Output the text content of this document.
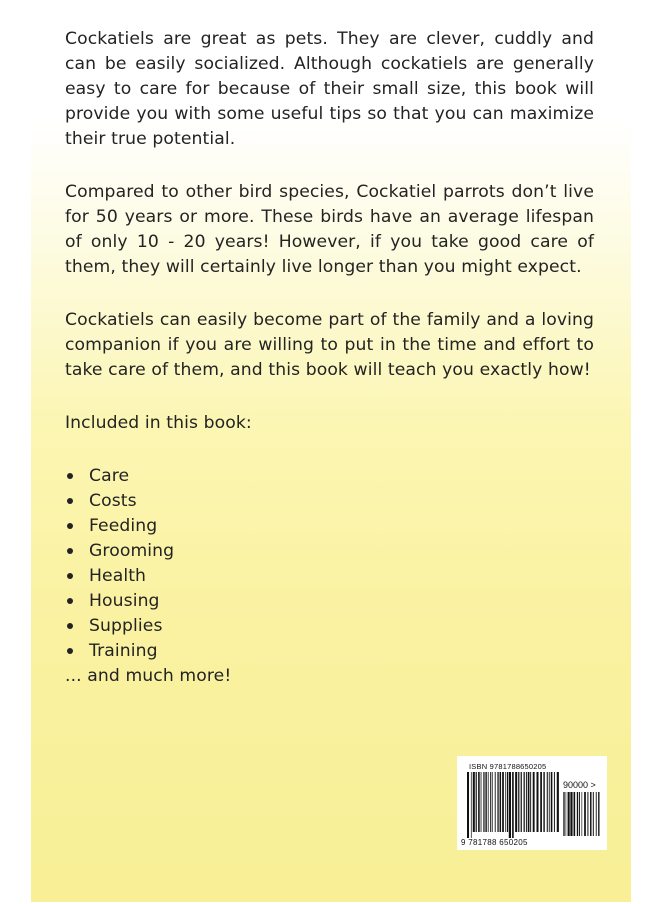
Cockatiels are great as pets. They are clever, cuddly and can be easily socialized. Although cockatiels are generally easy to care for because of their small size, this book will provide you with some useful tips so that you can maximize their true potential.

Compared to other bird species, Cockatiel parrots don’t live for 50 years or more. These birds have an average lifespan of only 10 - 20 years! However, if you take good care of them, they will certainly live longer than you might expect.

Cockatiels can easily become part of the family and a loving companion if you are willing to put in the time and effort to take care of them, and this book will teach you exactly how!

Included in this book:

Care
Costs
Feeding
Grooming
Health
Housing
Supplies
Training

... and much more!

ISBN 9781788650205
90000 >
9 781788 650205
